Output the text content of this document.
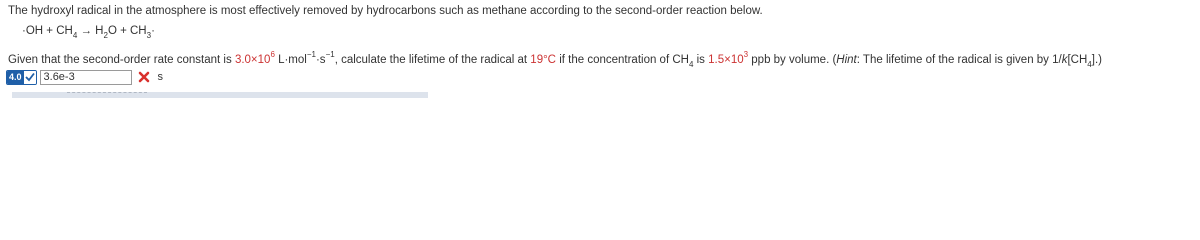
The hydroxyl radical in the atmosphere is most effectively removed by hydrocarbons such as methane according to the second-order reaction below.
$\cdot OH + CH_4 \to H_2O + CH_3\cdot$
Given that the second-order rate constant is $3.0\times 10^6$ $L\cdot mol^{-1}\cdot s^{-1}$, calculate the lifetime of the radical at 19°C if the concentration of $CH_4$ is $1.5\times 10^3$ ppb by volume. (Hint: The lifetime of the radical is given by $1/k[CH_4]$.)
4.0
3.6e-3	s
